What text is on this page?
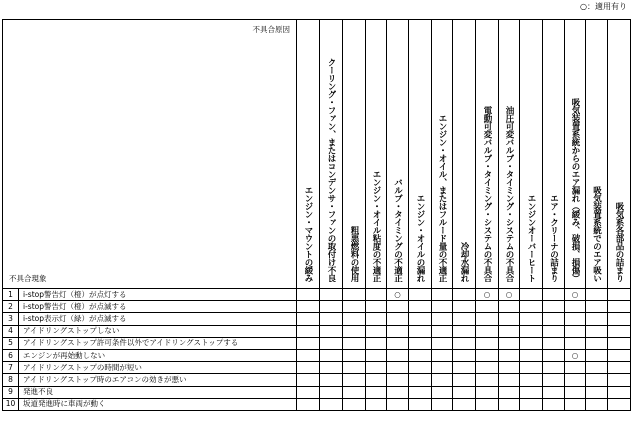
○：適用有り
不具合原因
不具合現象		エンジン・マウントの緩み	クーリング・ファン、またはコンデンサ・ファンの取付け不良	粗悪燃料の使用	エンジン・オイル粘度の不適正	バルブ・タイミングの不適正	エンジン・オイルの漏れ	エンジン・オイル、またはフルード量の不適正	冷却水漏れ	電動可変バルブ・タイミング・システムの不具合	油圧可変バルブ・タイミング・システムの不具合	エンジンオーバーヒート	エア・クリーナの詰まり	吸気装置系統からのエア漏れ（緩み、破損、損傷）	吸気装置系統でのエア吸い	吸気系各部品の詰まり
1	i-stop警告灯（橙）が点灯する					○				○	○			○		
2	i-stop警告灯（橙）が点滅する															
3	i-stop表示灯（緑）が点滅する															
4	アイドリングストップしない															
5	アイドリングストップ許可条件以外でアイドリングストップする															
6	エンジンが再始動しない													○		
7	アイドリングストップの時間が短い															
8	アイドリングストップ時のエアコンの効きが悪い															
9	発進不良															
10	坂道発進時に車両が動く															
